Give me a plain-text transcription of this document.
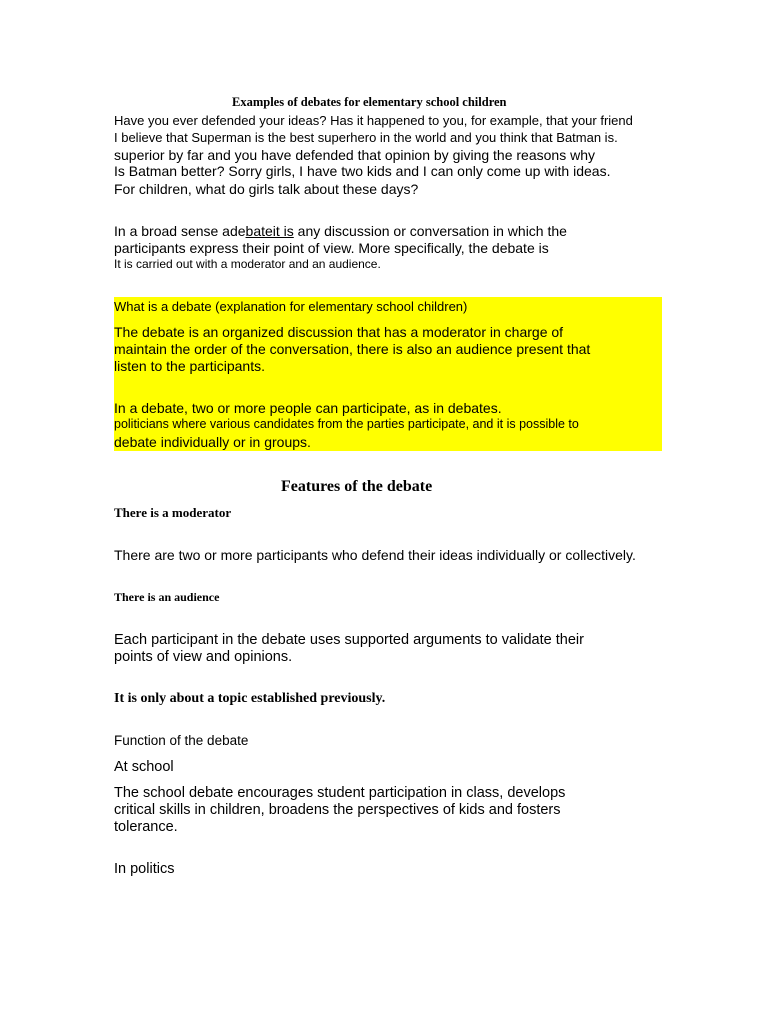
Examples of debates for elementary school children
Have you ever defended your ideas? Has it happened to you, for example, that your friend
I believe that Superman is the best superhero in the world and you think that Batman is.
superior by far and you have defended that opinion by giving the reasons why
Is Batman better? Sorry girls, I have two kids and I can only come up with ideas.
For children, what do girls talk about these days?
In a broad sense adebateit is any discussion or conversation in which the
participants express their point of view. More specifically, the debate is
It is carried out with a moderator and an audience.
What is a debate (explanation for elementary school children)
The debate is an organized discussion that has a moderator in charge of
maintain the order of the conversation, there is also an audience present that
listen to the participants.
In a debate, two or more people can participate, as in debates.
politicians where various candidates from the parties participate, and it is possible to
debate individually or in groups.
Features of the debate
There is a moderator
There are two or more participants who defend their ideas individually or collectively.
There is an audience
Each participant in the debate uses supported arguments to validate their
points of view and opinions.
It is only about a topic established previously.
Function of the debate
At school
The school debate encourages student participation in class, develops
critical skills in children, broadens the perspectives of kids and fosters
tolerance.
In politics
